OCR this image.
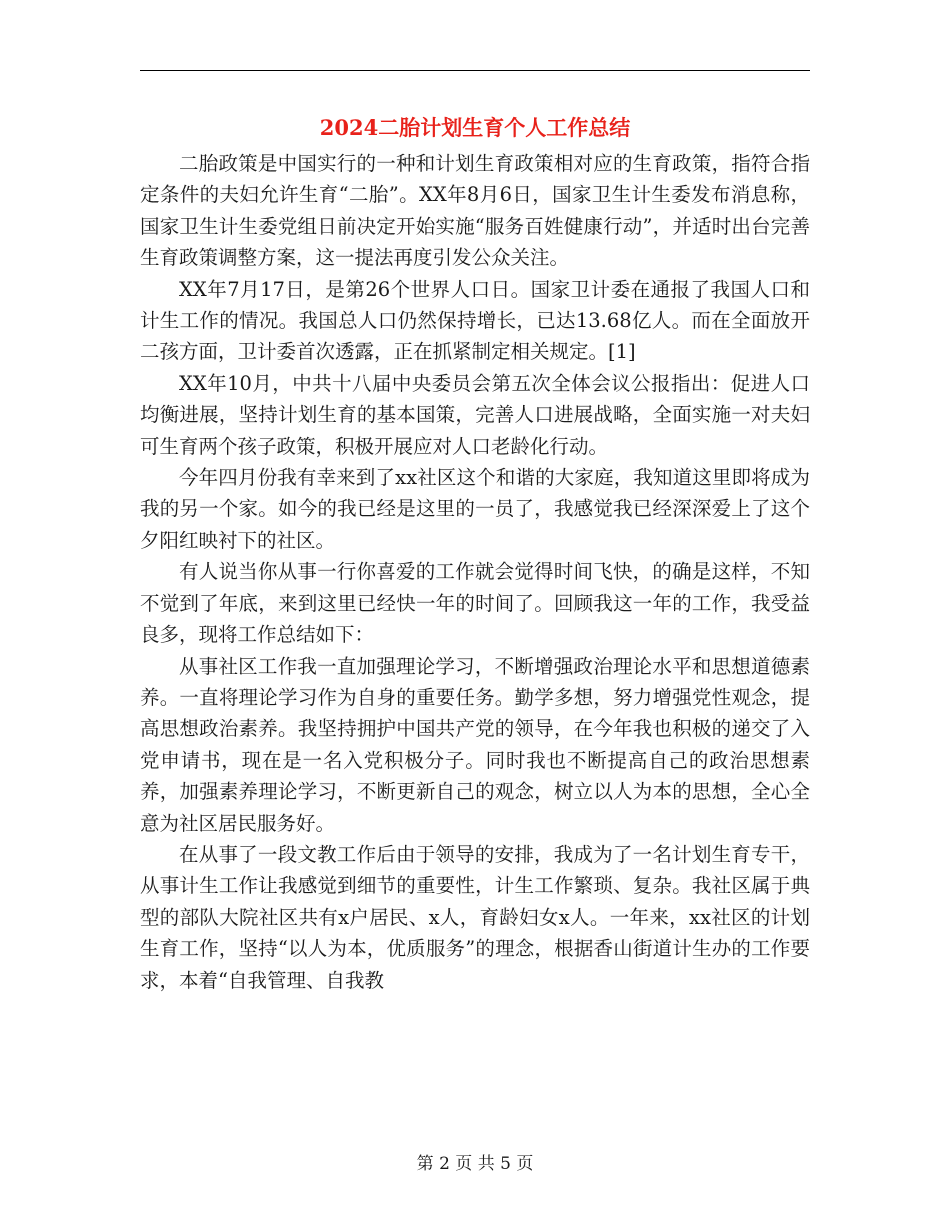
2024二胎计划生育个人工作总结

二胎政策是中国实行的一种和计划生育政策相对应的生育政策，指符合指定条件的夫妇允许生育“二胎”。XX年8月6日，国家卫生计生委发布消息称，国家卫生计生委党组日前决定开始实施“服务百姓健康行动”，并适时出台完善生育政策调整方案，这一提法再度引发公众关注。

XX年7月17日，是第26个世界人口日。国家卫计委在通报了我国人口和计生工作的情况。我国总人口仍然保持增长，已达13.68亿人。而在全面放开二孩方面，卫计委首次透露，正在抓紧制定相关规定。[1]

XX年10月，中共十八届中央委员会第五次全体会议公报指出：促进人口均衡进展，坚持计划生育的基本国策，完善人口进展战略，全面实施一对夫妇可生育两个孩子政策，积极开展应对人口老龄化行动。

今年四月份我有幸来到了xx社区这个和谐的大家庭，我知道这里即将成为我的另一个家。如今的我已经是这里的一员了，我感觉我已经深深爱上了这个夕阳红映衬下的社区。

有人说当你从事一行你喜爱的工作就会觉得时间飞快，的确是这样，不知不觉到了年底，来到这里已经快一年的时间了。回顾我这一年的工作，我受益良多，现将工作总结如下：

从事社区工作我一直加强理论学习，不断增强政治理论水平和思想道德素养。一直将理论学习作为自身的重要任务。勤学多想，努力增强党性观念，提高思想政治素养。我坚持拥护中国共产党的领导，在今年我也积极的递交了入党申请书，现在是一名入党积极分子。同时我也不断提高自己的政治思想素养，加强素养理论学习，不断更新自己的观念，树立以人为本的思想，全心全意为社区居民服务好。

在从事了一段文教工作后由于领导的安排，我成为了一名计划生育专干，从事计生工作让我感觉到细节的重要性，计生工作繁琐、复杂。我社区属于典型的部队大院社区共有x户居民、x人，育龄妇女x人。一年来，xx社区的计划生育工作，坚持“以人为本，优质服务”的理念，根据香山街道计生办的工作要求，本着“自我管理、自我教

第 2 页 共 5 页
